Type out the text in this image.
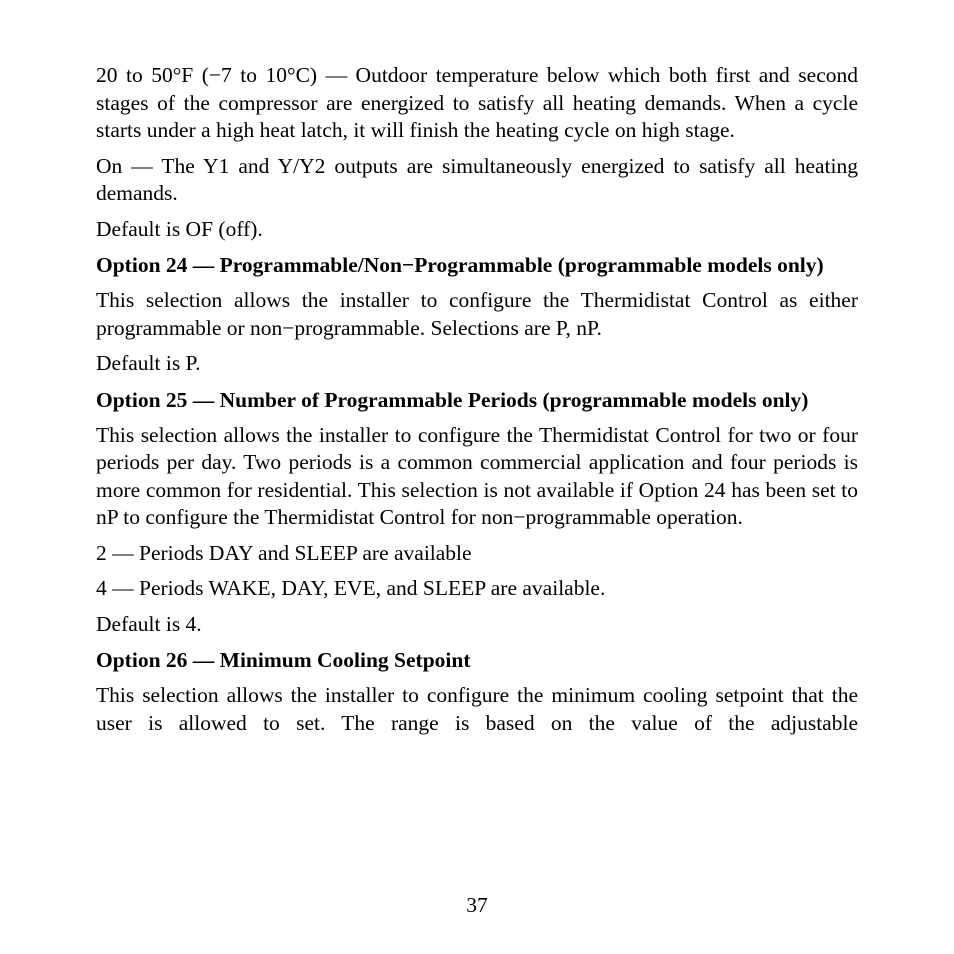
20 to 50°F (−7 to 10°C) — Outdoor temperature below which both first and second stages of the compressor are energized to satisfy all heating demands. When a cycle starts under a high heat latch, it will finish the heating cycle on high stage.

On — The Y1 and Y/Y2 outputs are simultaneously energized to satisfy all heating demands.

Default is OF (off).

Option 24 — Programmable/Non−Programmable (programmable models only)

This selection allows the installer to configure the Thermidistat Control as either programmable or non−programmable. Selections are P, nP.

Default is P.

Option 25 — Number of Programmable Periods (programmable models only)

This selection allows the installer to configure the Thermidistat Control for two or four periods per day. Two periods is a common commercial application and four periods is more common for residential. This selection is not available if Option 24 has been set to nP to configure the Thermidistat Control for non−programmable operation.

2 — Periods DAY and SLEEP are available

4 — Periods WAKE, DAY, EVE, and SLEEP are available.

Default is 4.

Option 26 — Minimum Cooling Setpoint

This selection allows the installer to configure the minimum cooling setpoint that the user is allowed to set. The range is based on the value of the adjustable

37
